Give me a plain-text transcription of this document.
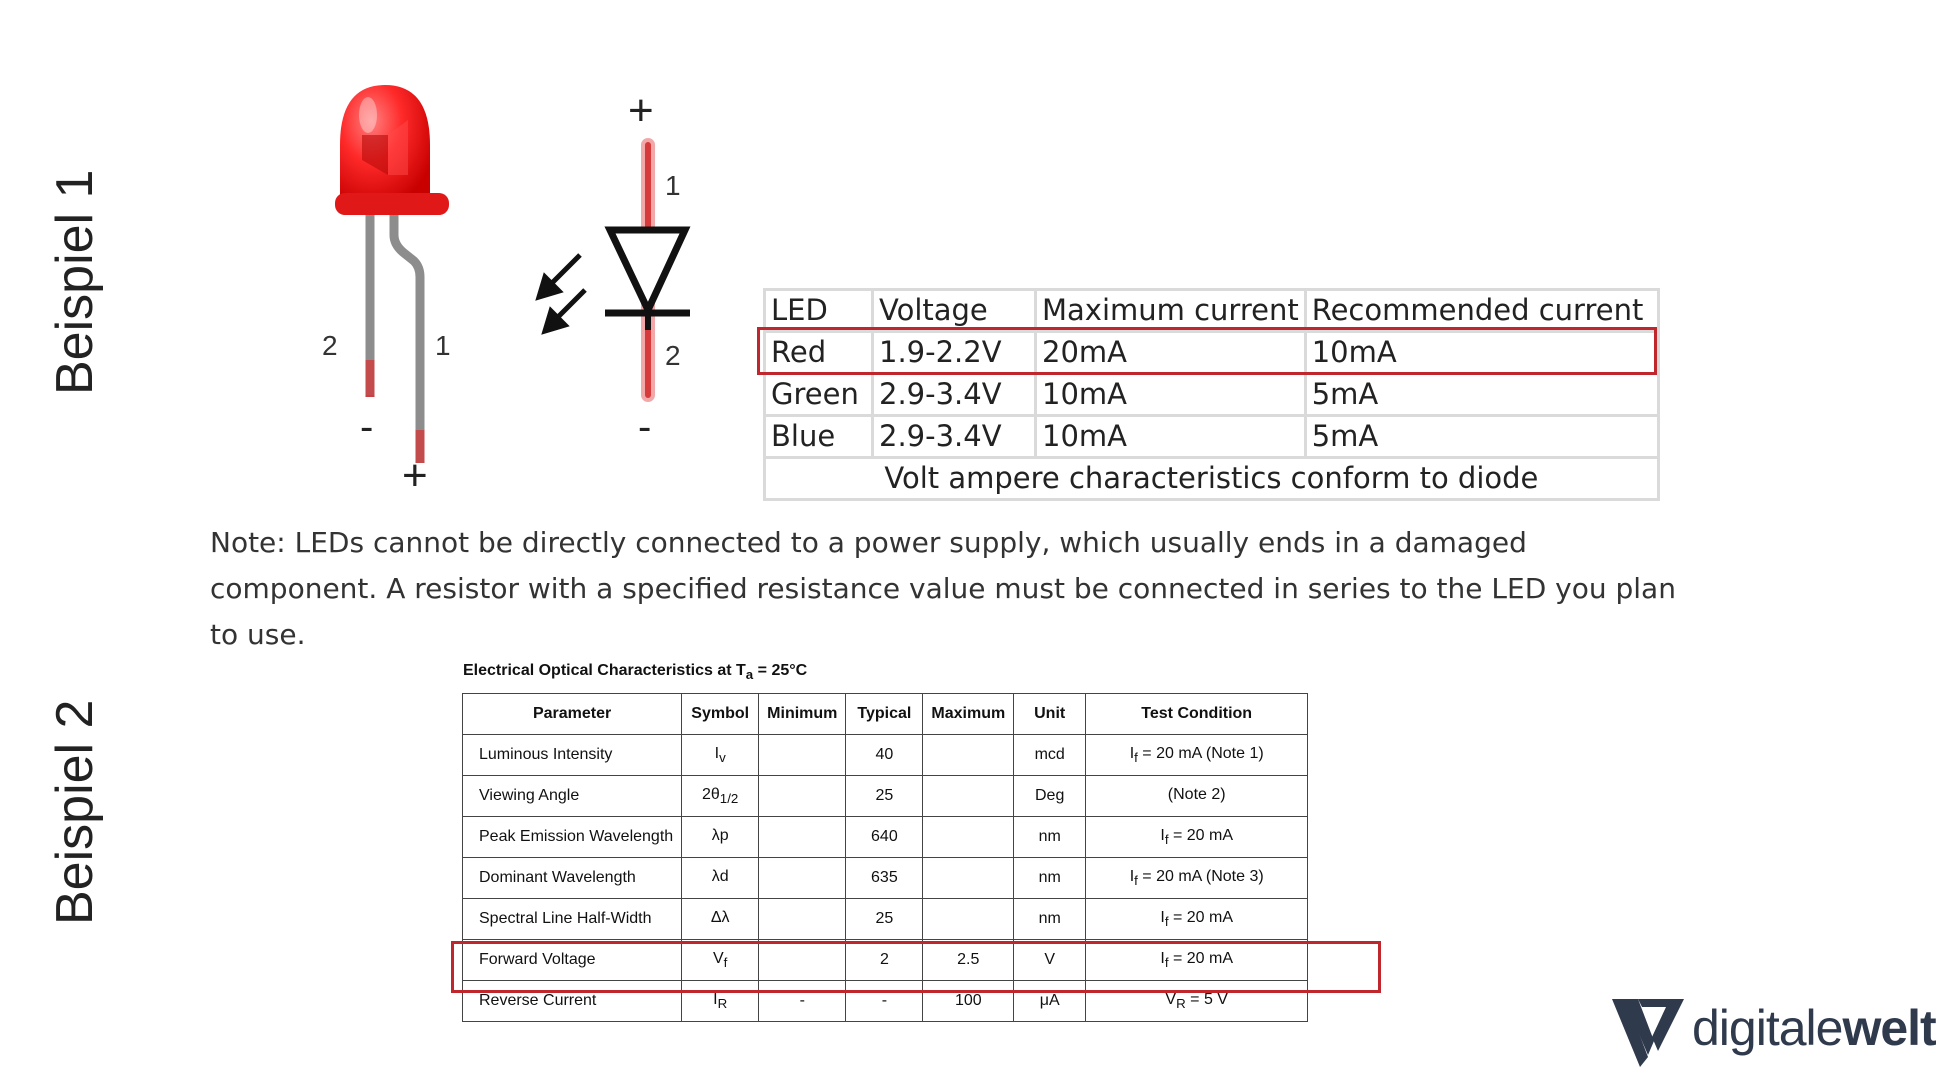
Beispiel 1
Beispiel 2
2	1
-
+
+
1
2
-
LED	Voltage	Maximum current	Recommended current
Red	1.9-2.2V	20mA	10mA
Green	2.9-3.4V	10mA	5mA
Blue	2.9-3.4V	10mA	5mA
Volt ampere characteristics conform to diode			
Note: LEDs cannot be directly connected to a power supply, which usually ends in a damaged component. A resistor with a specified resistance value must be connected in series to the LED you plan to use.
Electrical Optical Characteristics at $T_a = 25^\circ C$
Parameter	Symbol	Minimum	Typical	Maximum	Unit	Test Condition
Luminous Intensity	$I_v$		40		mcd	$I_f = 20$ mA (Note 1)
Viewing Angle	$2\theta_{1/2}$		25		Deg	(Note 2)
Peak Emission Wavelength	λp		640		nm	$I_f = 20$ mA
Dominant Wavelength	λd		635		nm	$I_f = 20$ mA (Note 3)
Spectral Line Half-Width	Δλ		25		nm	$I_f = 20$ mA
Forward Voltage	$V_f$		2	2.5	V	$I_f = 20$ mA
Reverse Current	$I_R$	-	-	100	μA	$V_R = 5$ V
digitalewelt
